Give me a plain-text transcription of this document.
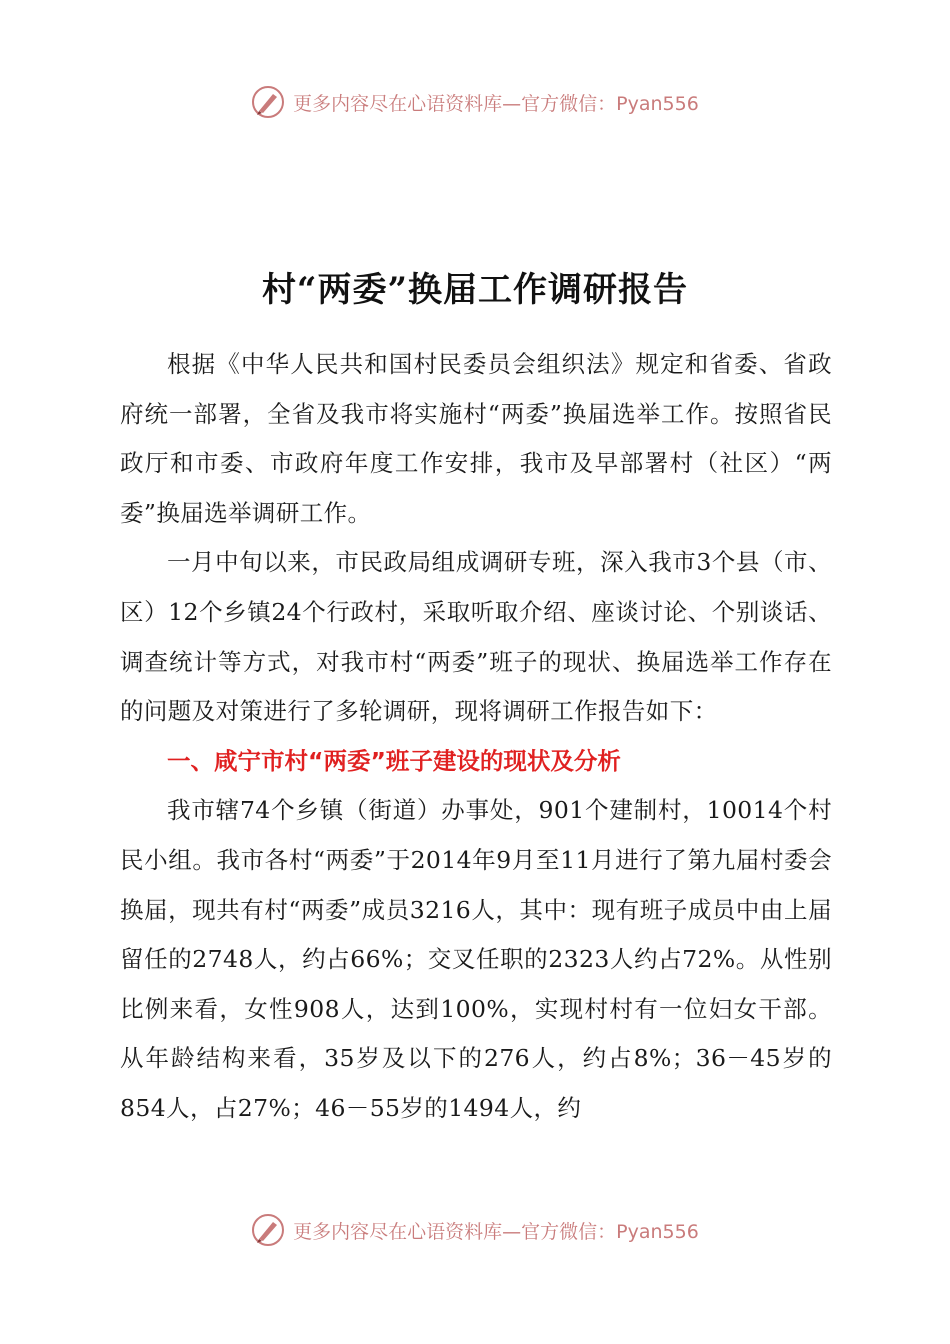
更多内容尽在心语资料库—官方微信：Pyan556
村“两委”换届工作调研报告

根据《中华人民共和国村民委员会组织法》规定和省委、省政府统一部署，全省及我市将实施村“两委”换届选举工作。按照省民政厅和市委、市政府年度工作安排，我市及早部署村（社区）“两委”换届选举调研工作。

一月中旬以来，市民政局组成调研专班，深入我市3个县（市、区）12个乡镇24个行政村，采取听取介绍、座谈讨论、个别谈话、调查统计等方式，对我市村“两委”班子的现状、换届选举工作存在的问题及对策进行了多轮调研，现将调研工作报告如下：

一、咸宁市村“两委”班子建设的现状及分析

我市辖74个乡镇（街道）办事处，901个建制村，10014个村民小组。我市各村“两委”于2014年9月至11月进行了第九届村委会换届，现共有村“两委”成员3216人，其中：现有班子成员中由上届留任的2748人，约占66%；交叉任职的2323人约占72%。从性别比例来看，女性908人，达到100%，实现村村有一位妇女干部。从年龄结构来看，35岁及以下的276人，约占8%；36－45岁的854人，占27%；46－55岁的1494人，约

更多内容尽在心语资料库—官方微信：Pyan556
